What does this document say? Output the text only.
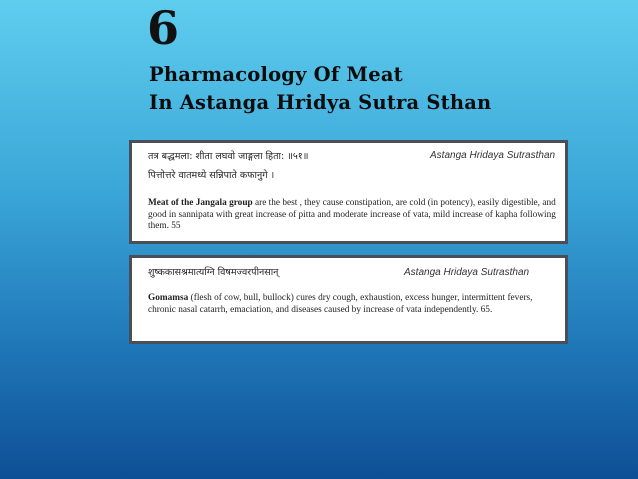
6
Pharmacology Of Meat
In Astanga Hridya Sutra Sthan
तत्र बद्धमला: शीता लघवो जाङ्गला हिता: ॥५१॥	Astanga Hridaya Sutrasthan
पित्तोत्तरे वातमध्ये सन्निपाते कफानुगे ।
Meat of the Jangala group are the best , they cause constipation, are cold (in potency), easily digestible, and good in sannipata with great increase of pitta and moderate increase of vata, mild increase of kapha following them. 55
शुष्ककासश्रमात्यग्नि विषमज्वरपीनसान्	Astanga Hridaya Sutrasthan
Gomamsa (flesh of cow, bull, bullock) cures dry cough, exhaustion, excess hunger, intermittent fevers, chronic nasal catarrh, emaciation, and diseases caused by increase of vata independently. 65.
